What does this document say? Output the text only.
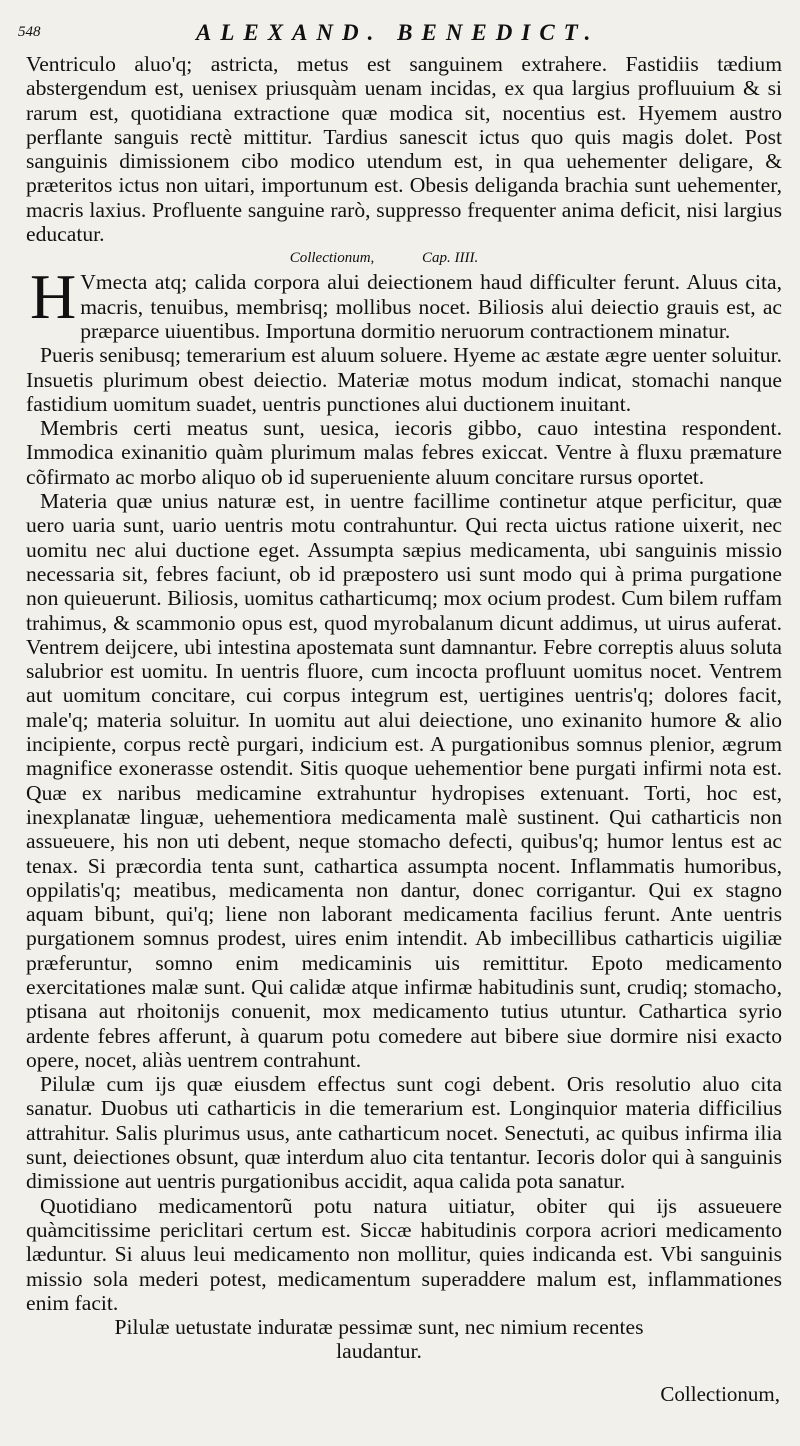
548	ALEXAND. BENEDICT.

Ventriculo aluo'q; astricta, metus est sanguinem extrahere. Fastidiis tædium abstergendum est, uenisex priusquàm uenam incidas, ex qua largius profluuium & si rarum est, quotidiana extractione quæ modica sit, nocentius est. Hyemem austro perflante sanguis rectè mittitur. Tardius sanescit ictus quo quis magis dolet. Post sanguinis dimissionem cibo modico utendum est, in qua uehementer deligare, & præteritos ictus non uitari, importunum est. Obesis deliganda brachia sunt uehementer, macris laxius. Profluente sanguine rarò, suppresso frequenter anima deficit, nisi largius educatur.

Collectionum,	Cap. IIII.

H Vmecta atq; calida corpora alui deiectionem haud difficulter ferunt. Aluus cita, macris, tenuibus, membrisq; mollibus nocet. Biliosis alui deiectio grauis est, ac præparce uiuentibus. Importuna dormitio neruorum contractionem minatur.

Pueris senibusq; temerarium est aluum soluere. Hyeme ac æstate ægre uenter soluitur. Insuetis plurimum obest deiectio. Materiæ motus modum indicat, stomachi nanque fastidium uomitum suadet, uentris punctiones alui ductionem inuitant.

Membris certi meatus sunt, uesica, iecoris gibbo, cauo intestina respondent. Immodica exinanitio quàm plurimum malas febres exiccat. Ventre à fluxu præmature cõfirmato ac morbo aliquo ob id superueniente aluum concitare rursus oportet.

Materia quæ unius naturæ est, in uentre facillime continetur atque perficitur, quæ uero uaria sunt, uario uentris motu contrahuntur. Qui recta uictus ratione uixerit, nec uomitu nec alui ductione eget. Assumpta sæpius medicamenta, ubi sanguinis missio necessaria sit, febres faciunt, ob id præpostero usi sunt modo qui à prima purgatione non quieuerunt. Biliosis, uomitus catharticumq; mox ocium prodest. Cum bilem ruffam trahimus, & scammonio opus est, quod myrobalanum dicunt addimus, ut uirus auferat. Ventrem deijcere, ubi intestina apostemata sunt damnantur. Febre correptis aluus soluta salubrior est uomitu. In uentris fluore, cum incocta profluunt uomitus nocet. Ventrem aut uomitum concitare, cui corpus integrum est, uertigines uentris'q; dolores facit, male'q; materia soluitur. In uomitu aut alui deiectione, uno exinanito humore & alio incipiente, corpus rectè purgari, indicium est. A purgationibus somnus plenior, ægrum magnifice exonerasse ostendit. Sitis quoque uehementior bene purgati infirmi nota est. Quæ ex naribus medicamine extrahuntur hydropises extenuant. Torti, hoc est, inexplanatæ linguæ, uehementiora medicamenta malè sustinent. Qui catharticis non assueuere, his non uti debent, neque stomacho defecti, quibus'q; humor lentus est ac tenax. Si præcordia tenta sunt, cathartica assumpta nocent. Inflammatis humoribus, oppilatis'q; meatibus, medicamenta non dantur, donec corrigantur. Qui ex stagno aquam bibunt, qui'q; liene non laborant medicamenta facilius ferunt. Ante uentris purgationem somnus prodest, uires enim intendit. Ab imbecillibus catharticis uigiliæ præferuntur, somno enim medicaminis uis remittitur. Epoto medicamento exercitationes malæ sunt. Qui calidæ atque infirmæ habitudinis sunt, crudiq; stomacho, ptisana aut rhoitonijs conuenit, mox medicamento tutius utuntur. Cathartica syrio ardente febres afferunt, à quarum potu comedere aut bibere siue dormire nisi exacto opere, nocet, aliàs uentrem contrahunt.

Pilulæ cum ijs quæ eiusdem effectus sunt cogi debent. Oris resolutio aluo cita sanatur. Duobus uti catharticis in die temerarium est. Longinquior materia difficilius attrahitur. Salis plurimus usus, ante catharticum nocet. Senectuti, ac quibus infirma ilia sunt, deiectiones obsunt, quæ interdum aluo cita tentantur. Iecoris dolor qui à sanguinis dimissione aut uentris purgationibus accidit, aqua calida pota sanatur.

Quotidiano medicamentorũ potu natura uitiatur, obiter qui ijs assueuere quàmcitissime periclitari certum est. Siccæ habitudinis corpora acriori medicamento læduntur. Si aluus leui medicamento non mollitur, quies indicanda est. Vbi sanguinis missio sola mederi potest, medicamentum superaddere malum est, inflammationes enim facit.

Pilulæ uetustate induratæ pessimæ sunt, nec nimium recentes laudantur.

Collectionum,
